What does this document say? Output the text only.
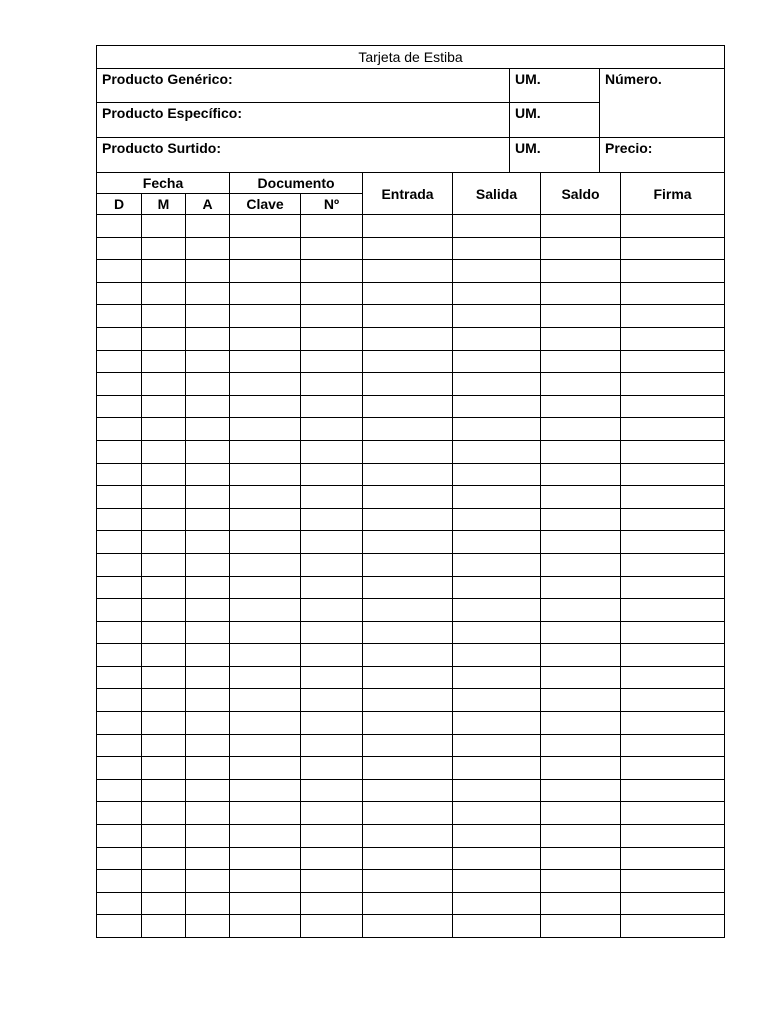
Tarjeta de Estiba		
Producto Genérico:	UM.	Número.
Producto Específico:	UM.	
Producto Surtido:	UM.	Precio:
Fecha			Documento		Entrada	Salida	Saldo	Firma
D	M	A	Clave	Nº				
